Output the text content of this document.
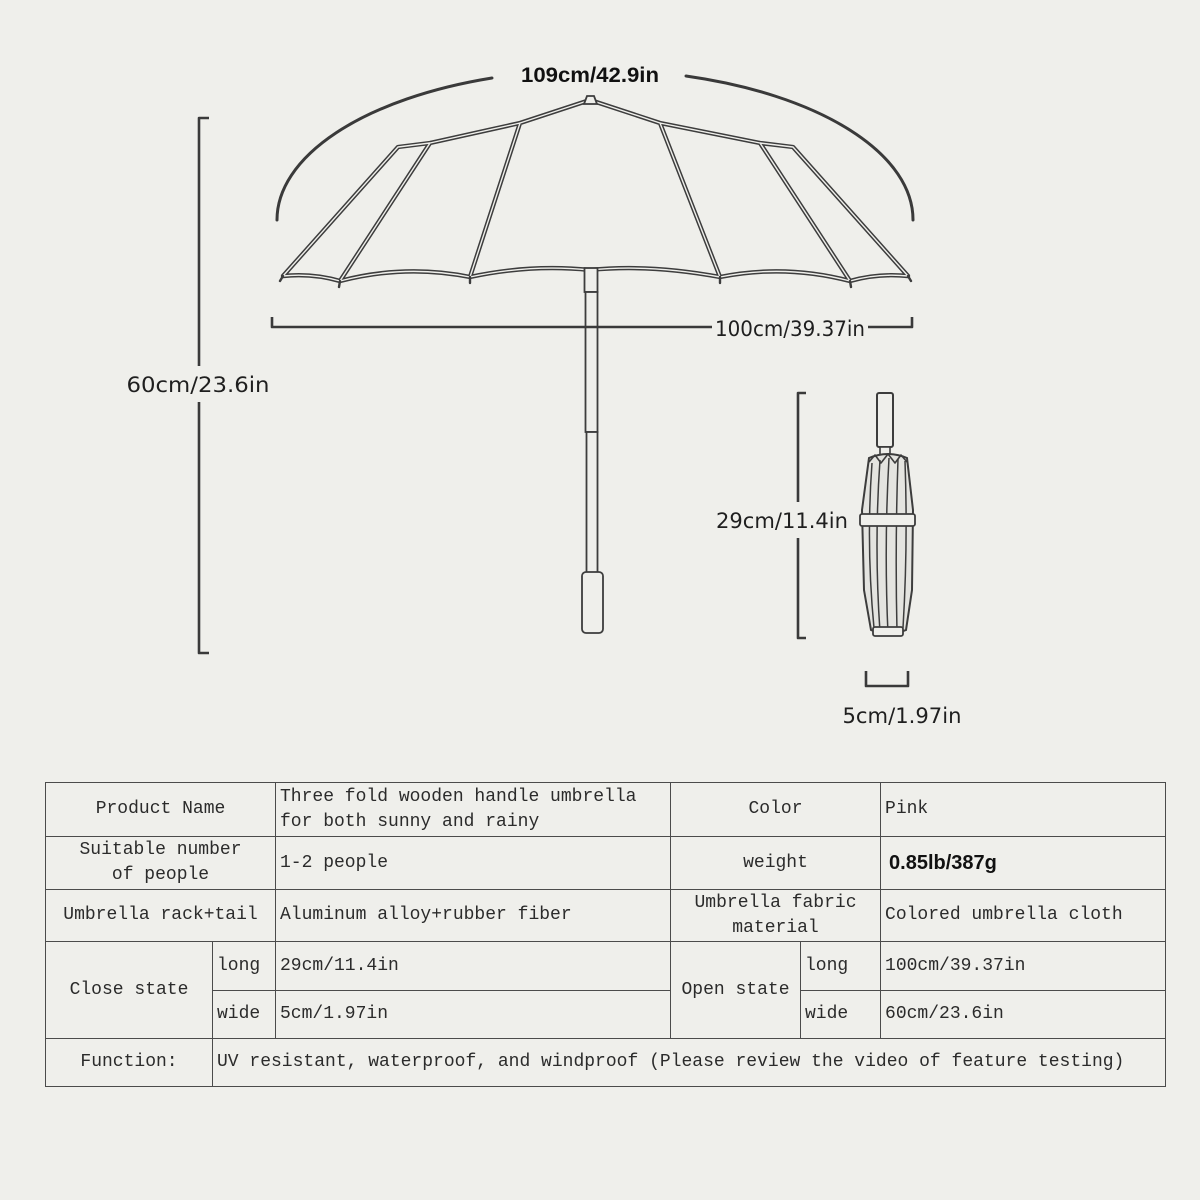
109cm/42.9in
100cm/39.37in
60cm/23.6in
29cm/11.4in
5cm/1.97in
Product Name		Three fold wooden handle umbrella
for both sunny and rainy	Color		Pink
Suitable number
of people		1-2 people	weight		0.85lb/387g
Umbrella rack+tail		Aluminum alloy+rubber fiber	Umbrella fabric
material		Colored umbrella cloth
Close state	long	29cm/11.4in	Open state	long	100cm/39.37in
	wide	5cm/1.97in		wide	60cm/23.6in
Function:	UV resistant, waterproof, and windproof (Please review the video of feature testing)				
